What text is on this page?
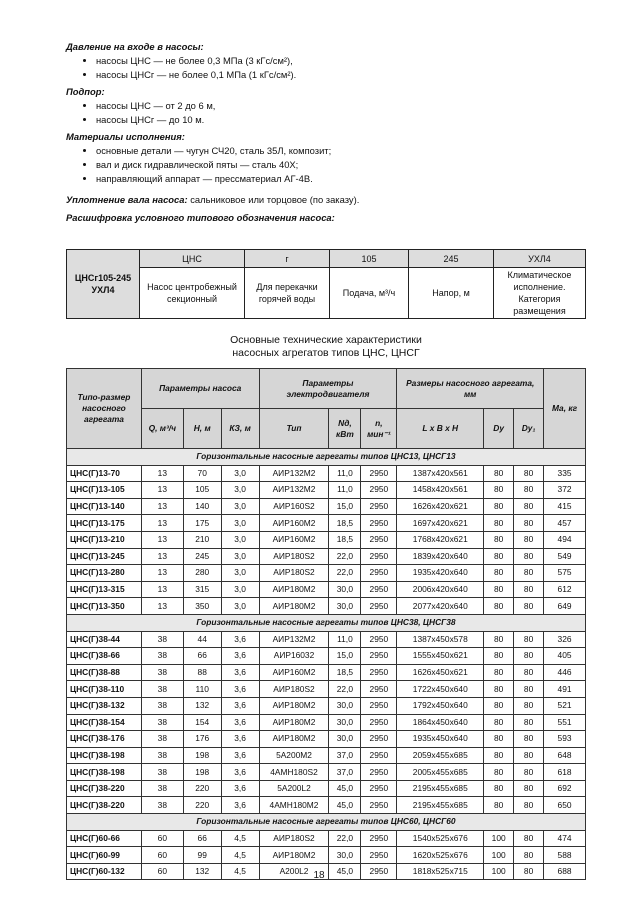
Давление на входе в насосы:

• насосы ЦНС — не более 0,3 МПа (3 кГс/см²),
• насосы ЦНСг — не более 0,1 МПа (1 кГс/см²).

Подпор:

• насосы ЦНС — от 2 до 6 м,
• насосы ЦНСг — до 10 м.

Материалы исполнения:

• основные детали — чугун СЧ20, сталь 35Л, композит;
• вал и диск гидравлической пяты — сталь 40Х;
• направляющий аппарат — прессматериал АГ-4В.

Уплотнение вала насоса: сальниковое или торцовое (по заказу).

Расшифровка условного типового обозначения насоса:

ЦНСг105-245 УХЛ4	ЦНС	г	105	245	УХЛ4
	Насос центробежный секционный	Для перекачки горячей воды	Подача, м³/ч	Напор, м	Климатическое исполнение. Категория размещения
Основные технические характеристики
насосных агрегатов типов ЦНС, ЦНСГ
Типо-размер насосного агрегата	Параметры насоса			Параметры электродвигателя			Размеры насосного агрегата, мм			Ма, кг
	Q, м³/ч	Н, м	КЗ, м	Тип	Nд, кВт	n, мин⁻¹	L x B x H	Dу	Dу₁	
Горизонтальные насосные агрегаты типов ЦНС13, ЦНСГ13										
ЦНС(Г)13-70	13	70	3,0	АИР132М2	11,0	2950	1387х420х561	80	80	335
ЦНС(Г)13-105	13	105	3,0	АИР132М2	11,0	2950	1458х420х561	80	80	372
ЦНС(Г)13-140	13	140	3,0	АИР160S2	15,0	2950	1626х420х621	80	80	415
ЦНС(Г)13-175	13	175	3,0	АИР160М2	18,5	2950	1697х420х621	80	80	457
ЦНС(Г)13-210	13	210	3,0	АИР160М2	18,5	2950	1768х420х621	80	80	494
ЦНС(Г)13-245	13	245	3,0	АИР180S2	22,0	2950	1839х420х640	80	80	549
ЦНС(Г)13-280	13	280	3,0	АИР180S2	22,0	2950	1935х420х640	80	80	575
ЦНС(Г)13-315	13	315	3,0	АИР180М2	30,0	2950	2006х420х640	80	80	612
ЦНС(Г)13-350	13	350	3,0	АИР180М2	30,0	2950	2077х420х640	80	80	649
Горизонтальные насосные агрегаты типов ЦНС38, ЦНСГ38										
ЦНС(Г)38-44	38	44	3,6	АИР132М2	11,0	2950	1387х450х578	80	80	326
ЦНС(Г)38-66	38	66	3,6	АИР16032	15,0	2950	1555х450х621	80	80	405
ЦНС(Г)38-88	38	88	3,6	АИР160М2	18,5	2950	1626х450х621	80	80	446
ЦНС(Г)38-110	38	110	3,6	АИР180S2	22,0	2950	1722х450х640	80	80	491
ЦНС(Г)38-132	38	132	3,6	АИР180М2	30,0	2950	1792х450х640	80	80	521
ЦНС(Г)38-154	38	154	3,6	АИР180М2	30,0	2950	1864х450х640	80	80	551
ЦНС(Г)38-176	38	176	3,6	АИР180М2	30,0	2950	1935х450х640	80	80	593
ЦНС(Г)38-198	38	198	3,6	5А200М2	37,0	2950	2059х455х685	80	80	648
ЦНС(Г)38-198	38	198	3,6	4АМН180S2	37,0	2950	2005х455х685	80	80	618
ЦНС(Г)38-220	38	220	3,6	5А200L2	45,0	2950	2195х455х685	80	80	692
ЦНС(Г)38-220	38	220	3,6	4АМН180М2	45,0	2950	2195х455х685	80	80	650
Горизонтальные насосные агрегаты типов ЦНС60, ЦНСГ60										
ЦНС(Г)60-66	60	66	4,5	АИР180S2	22,0	2950	1540х525х676	100	80	474
ЦНС(Г)60-99	60	99	4,5	АИР180М2	30,0	2950	1620х525х676	100	80	588
ЦНС(Г)60-132	60	132	4,5	А200L2	45,0	2950	1818х525х715	100	80	688
18
